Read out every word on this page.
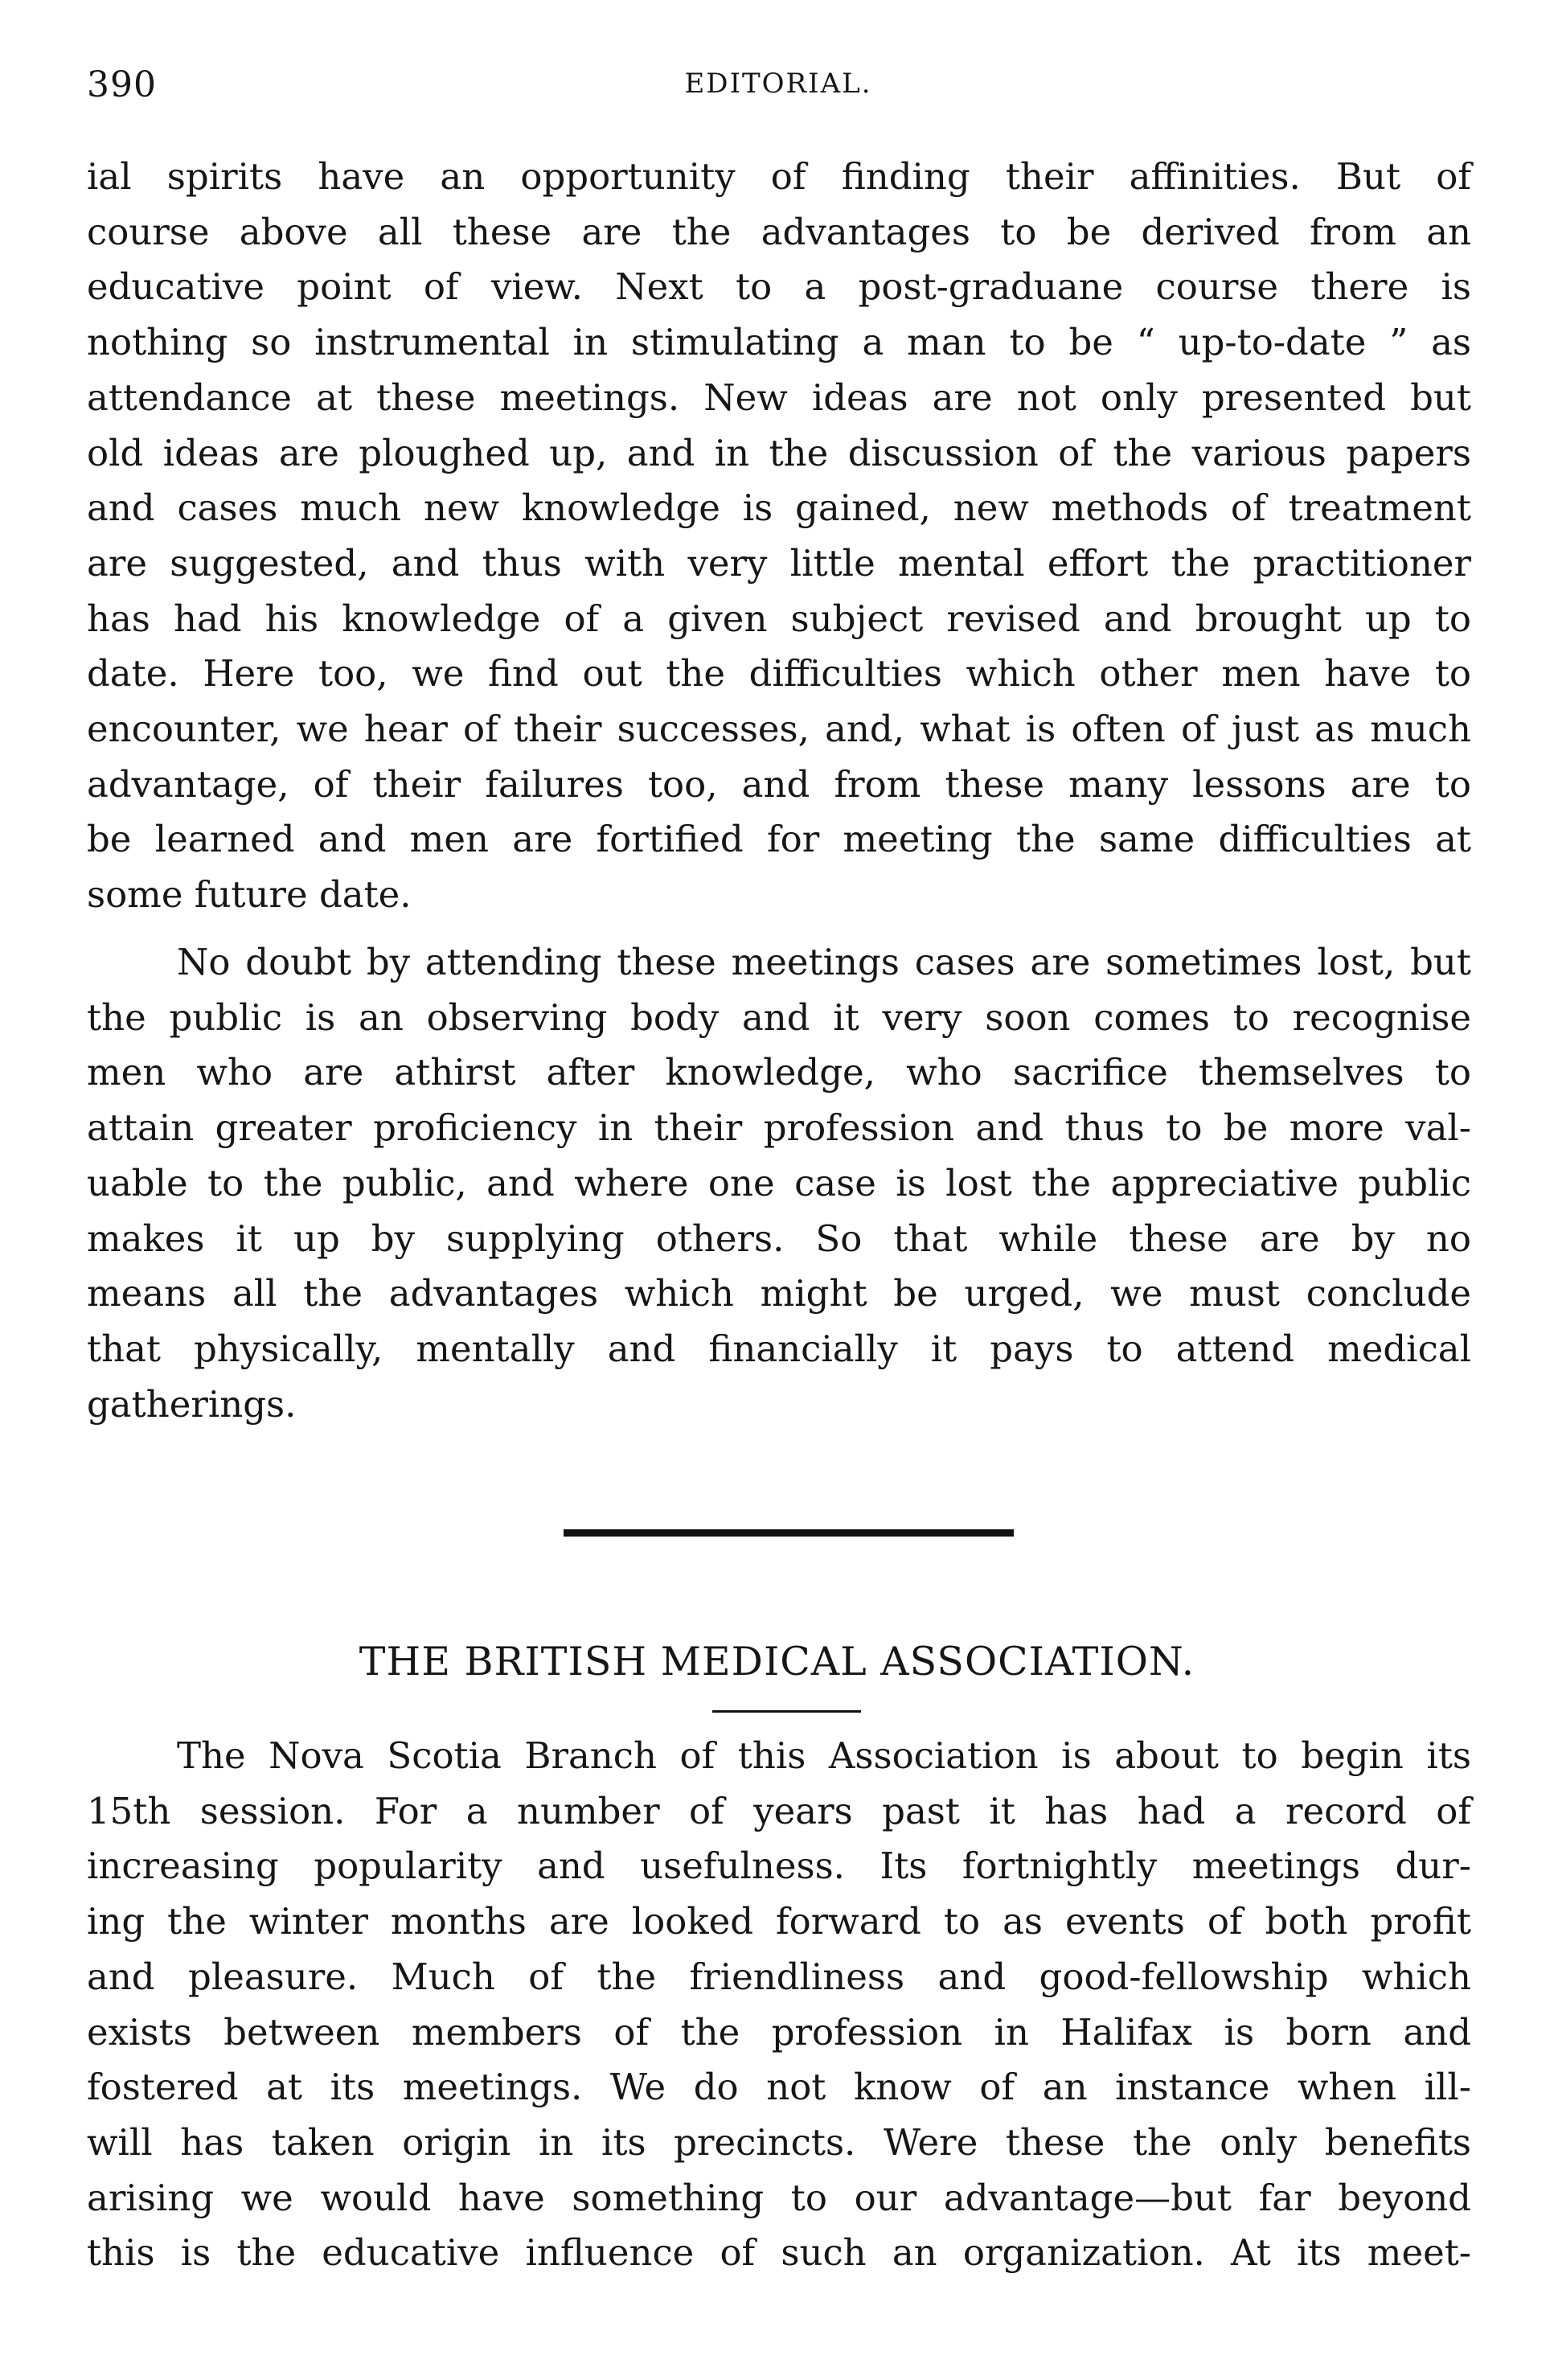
390	EDITORIAL.

ial spirits have an opportunity of finding their affinities. But of
course above all these are the advantages to be derived from an
educative point of view. Next to a post-graduane course there is
nothing so instrumental in stimulating a man to be “ up-to-date ” as
attendance at these meetings. New ideas are not only presented but
old ideas are ploughed up, and in the discussion of the various papers
and cases much new knowledge is gained, new methods of treatment
are suggested, and thus with very little mental effort the practitioner
has had his knowledge of a given subject revised and brought up to
date. Here too, we find out the difficulties which other men have to
encounter, we hear of their successes, and, what is often of just as much
advantage, of their failures too, and from these many lessons are to
be learned and men are fortified for meeting the same difficulties at
some future date.

No doubt by attending these meetings cases are sometimes lost, but
the public is an observing body and it very soon comes to recognise
men who are athirst after knowledge, who sacrifice themselves to
attain greater proficiency in their profession and thus to be more val-
uable to the public, and where one case is lost the appreciative public
makes it up by supplying others. So that while these are by no
means all the advantages which might be urged, we must conclude
that physically, mentally and financially it pays to attend medical
gatherings.

THE BRITISH MEDICAL ASSOCIATION.

The Nova Scotia Branch of this Association is about to begin its
15th session. For a number of years past it has had a record of
increasing popularity and usefulness. Its fortnightly meetings dur-
ing the winter months are looked forward to as events of both profit
and pleasure. Much of the friendliness and good-fellowship which
exists between members of the profession in Halifax is born and
fostered at its meetings. We do not know of an instance when ill-
will has taken origin in its precincts. Were these the only benefits
arising we would have something to our advantage—but far beyond
this is the educative influence of such an organization. At its meet-
